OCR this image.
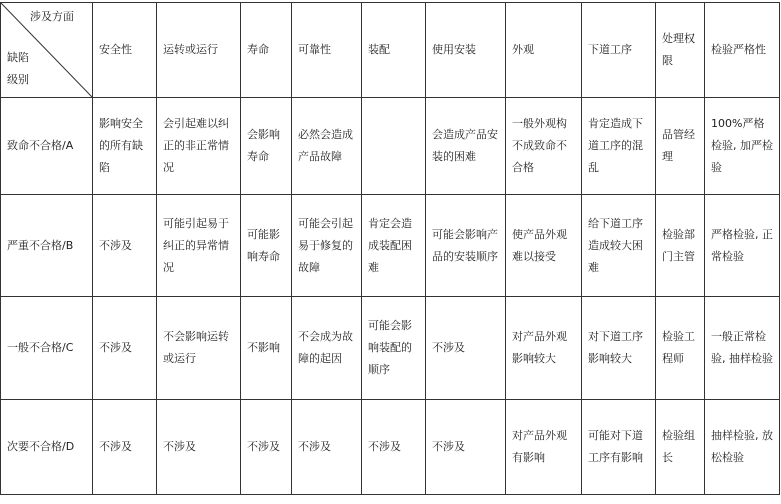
涉及方面
缺陷
级别	安全性	运转或运行	寿命	可靠性	装配	使用安装	外观	下道工序	处理权限	检验严格性
致命不合格/A	影响安全的所有缺陷	会引起难以纠正的非正常情况	会影响寿命	必然会造成产品故障		会造成产品安装的困难	一般外观构不成致命不合格	肯定造成下道工序的混乱	品管经理	100%严格检验, 加严检验
严重不合格/B	不涉及	可能引起易于纠正的异常情况	可能影响寿命	可能会引起易于修复的故障	肯定会造成装配困难	可能会影响产品的安装顺序	使产品外观难以接受	给下道工序造成较大困难	检验部门主管	严格检验, 正常检验
一般不合格/C	不涉及	不会影响运转或运行	不影响	不会成为故障的起因	可能会影响装配的顺序	不涉及	对产品外观影响较大	对下道工序影响较大	检验工程师	一般正常检验, 抽样检验
次要不合格/D	不涉及	不涉及	不涉及	不涉及	不涉及	不涉及	对产品外观有影响	可能对下道工序有影响	检验组长	抽样检验, 放松检验
